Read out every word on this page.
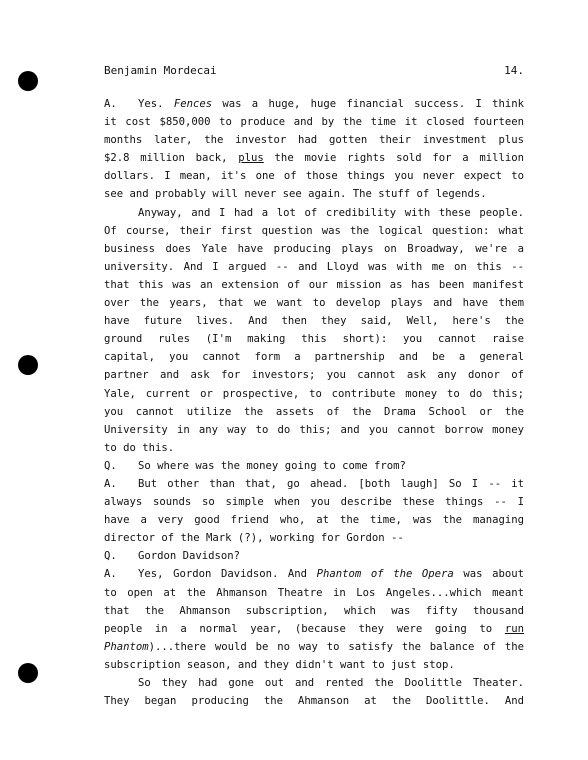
Benjamin Mordecai	14.
A. Yes. Fences was a huge, huge financial success. I think
it cost $850,000 to produce and by the time it closed fourteen
months later, the investor had gotten their investment plus
$2.8 million back, plus the movie rights sold for a million
dollars. I mean, it's one of those things you never expect to
see and probably will never see again. The stuff of legends.
Anyway, and I had a lot of credibility with these people.
Of course, their first question was the logical question: what
business does Yale have producing plays on Broadway, we're a
university. And I argued -- and Lloyd was with me on this --
that this was an extension of our mission as has been manifest
over the years, that we want to develop plays and have them
have future lives. And then they said, Well, here's the
ground rules (I'm making this short): you cannot raise
capital, you cannot form a partnership and be a general
partner and ask for investors; you cannot ask any donor of
Yale, current or prospective, to contribute money to do this;
you cannot utilize the assets of the Drama School or the
University in any way to do this; and you cannot borrow money
to do this.
Q. So where was the money going to come from?
A. But other than that, go ahead. [both laugh] So I -- it
always sounds so simple when you describe these things -- I
have a very good friend who, at the time, was the managing
director of the Mark (?), working for Gordon --
Q. Gordon Davidson?
A. Yes, Gordon Davidson. And Phantom of the Opera was about
to open at the Ahmanson Theatre in Los Angeles...which meant
that the Ahmanson subscription, which was fifty thousand
people in a normal year, (because they were going to run
Phantom)...there would be no way to satisfy the balance of the
subscription season, and they didn't want to just stop.
So they had gone out and rented the Doolittle Theater.
They began producing the Ahmanson at the Doolittle. And
